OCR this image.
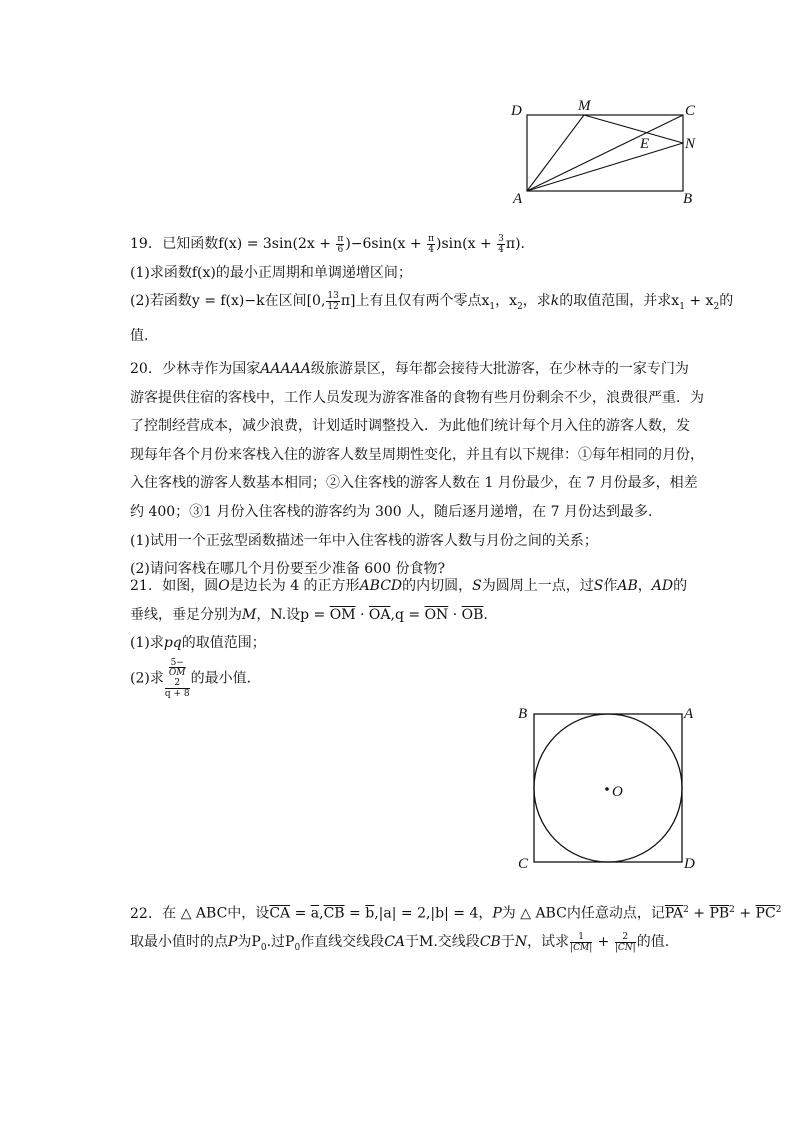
D	M	C
E N
A	B
19. 已知函数$f(x) = 3\sin(2x + \frac{\pi}{6} )-6\sin(x + \frac{\pi}{4} )\sin(x + \frac{3}{4} \pi)$.
(1)求函数f(x)的最小正周期和单调递增区间；
(2)若函数y = f(x)−k在区间[0, $\frac{13}{12} \pi$]上有且仅有两个零点$x_1$，$x_2$，求k的取值范围，并求$x_1 + x_2$的
值.
20. 少林寺作为国家AAAAA级旅游景区，每年都会接待大批游客，在少林寺的一家专门为
游客提供住宿的客栈中，工作人员发现为游客准备的食物有些月份剩余不少，浪费很严重．为
了控制经营成本，减少浪费，计划适时调整投入．为此他们统计每个月入住的游客人数，发
现每年各个月份来客栈入住的游客人数呈周期性变化，并且有以下规律：①每年相同的月份，
入住客栈的游客人数基本相同；②入住客栈的游客人数在 1 月份最少，在 7 月份最多，相差
约 400；③1 月份入住客栈的游客约为 300 人，随后逐月递增，在 7 月份达到最多．
(1)试用一个正弦型函数描述一年中入住客栈的游客人数与月份之间的关系；
(2)请问客栈在哪几个月份要至少准备 600 份食物?
21. 如图，圆O是边长为 4 的正方形ABCD的内切圆，S为圆周上一点，过S作AB，AD的
垂线，垂足分别为M，N.设$p = \overline{OM} \cdot \overline{OA},q = \overline{ON} \cdot \overline{OB}$.
(1)求pq的取值范围；
(2)求 5−
$\overline{OM}$
2
q + 8 的最小值.
B	A
O
C	D
22. 在 △ ABC中，设$\overline{CA} = \overline{a},\overline{CB} = \overline{b},|a| = 2,|b| = 4$，P为 △ ABC内任意动点，记$\overline{PA}^2 + \overline{PB}^2 + \overline{PC}^2$
取最小值时的点P为$P_0$.过$P_0$作直线交线段CA于M.交线段CB于N，试求 $\frac{1}{|CM|} + \frac{2}{|CN|}$ 的值.
